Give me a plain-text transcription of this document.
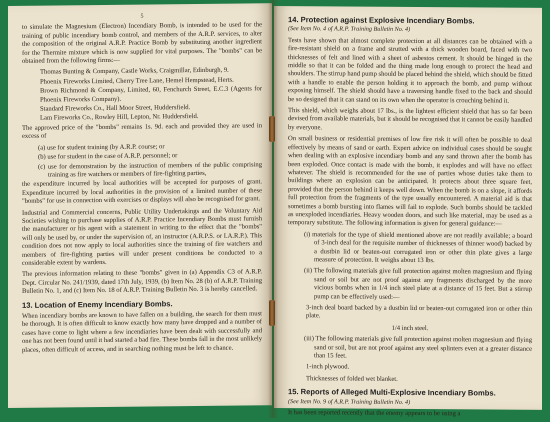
5

to simulate the Magnesium (Electron) Incendiary Bomb, is intended to be used for the training of public incendiary bomb control, and members of the A.R.P. services, to alter the composition of the original A.R.P. Practice Bomb by substituting another ingredient for the Thermite mixture which is now supplied for vital purposes. The "bombs" can be obtained from the following firms:—

Thomas Bunting & Company, Castle Works, Craigmillar, Edinburgh, 9.

Phoenix Fireworks Limited, Cherry Tree Lane, Hemel Hempstead, Herts.

Brown Richmond & Company, Limited, 60, Fenchurch Street, E.C.3 (Agents for Phoenix Fireworks Company).

Standard Fireworks Co., Hall Moor Street, Huddersfield.

Lam Fireworks Co., Rowley Hill, Lepton, Nr. Huddersfield.

The approved price of the "bombs" remains 1s. 9d. each and provided they are used in excess of

(a) use for student training (by A.R.P. course; or

(b) use for student in the case of A.R.P. personnel; or

(c) use for demonstration by the instruction of members of the public comprising training as fire watchers or members of fire-fighting parties,

the expenditure incurred by local authorities will be accepted for purposes of grant. Expenditure incurred by local authorities in the provision of a limited number of these "bombs" for use in connection with exercises or displays will also be recognised for grant.

Industrial and Commercial concerns, Public Utility Undertakings and the Voluntary Aid Societies wishing to purchase supplies of A.R.P. Practice Incendiary Bombs must furnish the manufacturer or his agent with a statement in writing to the effect that the "bombs" will only be used by, or under the supervision of, an instructor (A.R.P.S. or I.A.R.P.). This condition does not now apply to local authorities since the training of fire watchers and members of fire-fighting parties will under present conditions be conducted to a considerable extent by wardens.

The previous information relating to these "bombs" given in (a) Appendix C3 of A.R.P. Dept. Circular No. 241/1939, dated 17th July, 1939, (b) Item No. 28 (b) of A.R.P. Training Bulletin No. 1, and (c) Item No. 18 of A.R.P. Training Bulletin No. 3 is hereby cancelled.

13. Location of Enemy Incendiary Bombs.

When incendiary bombs are known to have fallen on a building, the search for them must be thorough. It is often difficult to know exactly how many have dropped and a number of cases have come to light where a few incendiaries have been dealt with successfully and one has not been found until it had started a bad fire. These bombs fall in the most unlikely places, often difficult of access, and in searching nothing must be left to chance.

14. Protection against Explosive Incendiary Bombs.
(See Item No. 4 of A.R.P. Training Bulletin No. 4)

Tests have shown that almost complete protection at all distances can be obtained with a fire-resistant shield on a frame and strutted with a thick wooden board, faced with two thicknesses of felt and lined with a sheet of asbestos cement. It should be hinged in the middle so that it can be folded and the thing made long enough to protect the head and shoulders. The stirrup hand pump should be placed behind the shield, which should be fitted with a handle to enable the person holding it to approach the bomb, and pump without exposing himself. The shield should have a traversing handle fixed to the back and should be so designed that it can stand on its own when the operator is crouching behind it.

This shield, which weighs about 17 lbs., is the lightest efficient shield that has so far been devised from available materials, but it should be recognised that it cannot be easily handled by everyone.

On small business or residential premises of low fire risk it will often be possible to deal effectively by means of sand or earth. Expert advice on individual cases should be sought when dealing with an explosive incendiary bomb and any sand thrown after the bomb has been exploded. Once contact is made with the bomb, it explodes and will have no effect whatever. The shield is recommended for the use of parties whose duties take them to buildings where an explosion can be anticipated. It protects about three square feet, provided that the person behind it keeps well down. When the bomb is on a slope, it affords full protection from the fragments of the type usually encountered. A material aid is that sometimes a bomb bursting into flames will fail to explode. Such bombs should be tackled as unexploded incendiaries. Heavy wooden doors, and such like material, may be used as a temporary substitute. The following information is given for general guidance:—

(i) materials for the type of shield mentioned above are not readily available; a board of 3-inch deal for the requisite number of thicknesses of thinner wood) backed by a dustbin lid or beaten-out corrugated iron or other thin plate gives a large measure of protection. It weighs about 13 lbs.

(ii) The following materials give full protection against molten magnesium and flying sand or soil but are not proof against any fragments discharged by the more vicious bombs when in 1/4 inch steel plate at a distance of 15 feet. But a stirrup pump can be effectively used:—

3-inch deal board backed by a dustbin lid or beaten-out corrugated iron or other thin plate.

1/4 inch steel.

(iii) The following materials give full protection against molten magnesium and flying sand or soil, but are not proof against any steel splinters even at a greater distance than 15 feet.

1-inch plywood.

Thicknesses of folded wet blanket.

15. Reports of Alleged Multi-Explosive Incendiary Bombs.
(See Item No. 9 of A.R.P. Training Bulletin No. 4)

It has been reported recently that the enemy appears to be using a
